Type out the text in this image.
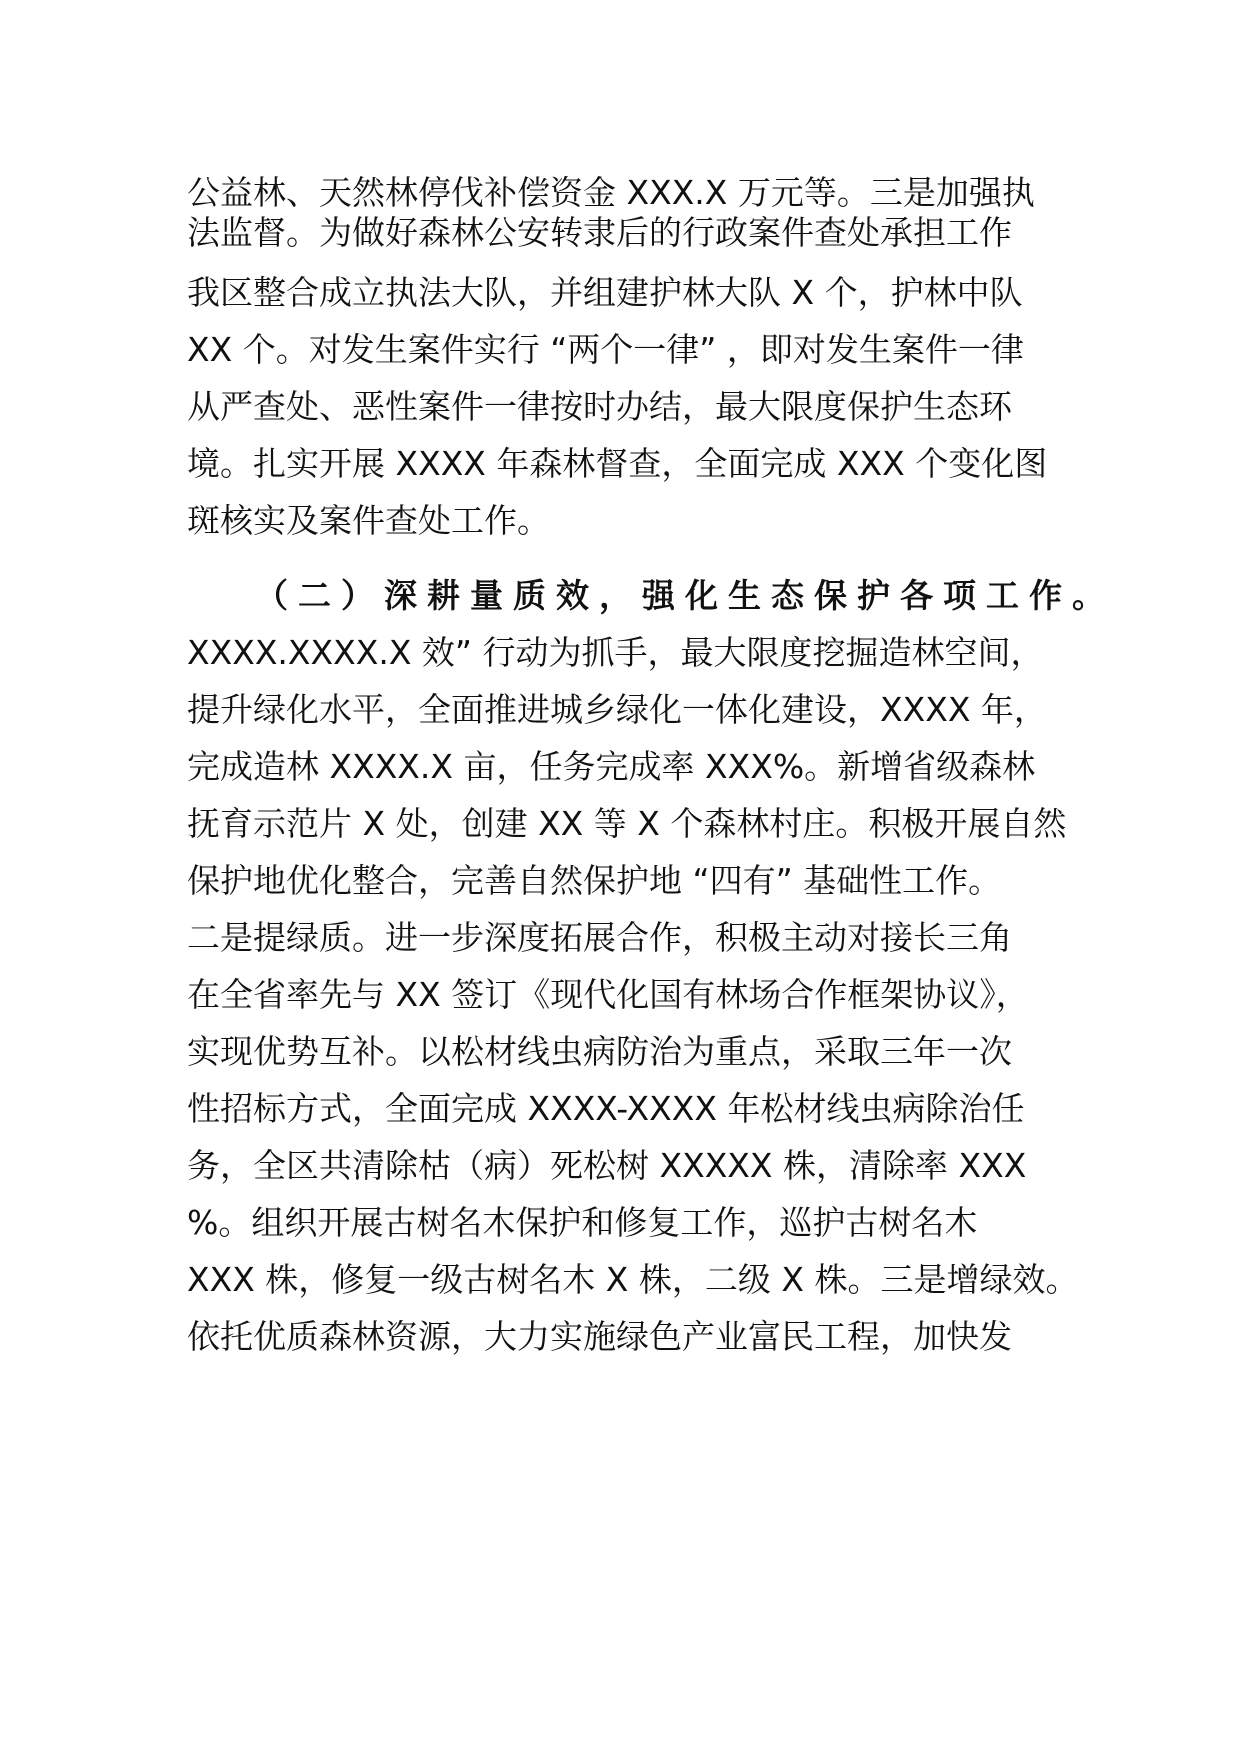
公益林、天然林停伐补偿资金 XXX.X 万元等。三是加强执
法监督。为做好森林公安转隶后的行政案件查处承担工作
我区整合成立执法大队，并组建护林大队 X 个，护林中队
XX 个。对发生案件实行 “两个一律” ，即对发生案件一律
从严查处、恶性案件一律按时办结，最大限度保护生态环
境。扎实开展 XXXX 年森林督查，全面完成 XXX 个变化图
斑核实及案件查处工作。
（二）深耕量质效，强化生态保护各项工作。
XXXX.XXXX.X 效” 行动为抓手，最大限度挖掘造林空间，
提升绿化水平，全面推进城乡绿化一体化建设，XXXX 年，
完成造林 XXXX.X 亩，任务完成率 XXX%。新增省级森林
抚育示范片 X 处，创建 XX 等 X 个森林村庄。积极开展自然
保护地优化整合，完善自然保护地 “四有” 基础性工作。
二是提绿质。进一步深度拓展合作，积极主动对接长三角
在全省率先与 XX 签订《现代化国有林场合作框架协议》，
实现优势互补。以松材线虫病防治为重点，采取三年一次
性招标方式，全面完成 XXXX-XXXX 年松材线虫病除治任
务，全区共清除枯（病）死松树 XXXXX 株，清除率 XXX
%。组织开展古树名木保护和修复工作，巡护古树名木
XXX 株，修复一级古树名木 X 株，二级 X 株。三是增绿效。
依托优质森林资源，大力实施绿色产业富民工程，加快发
